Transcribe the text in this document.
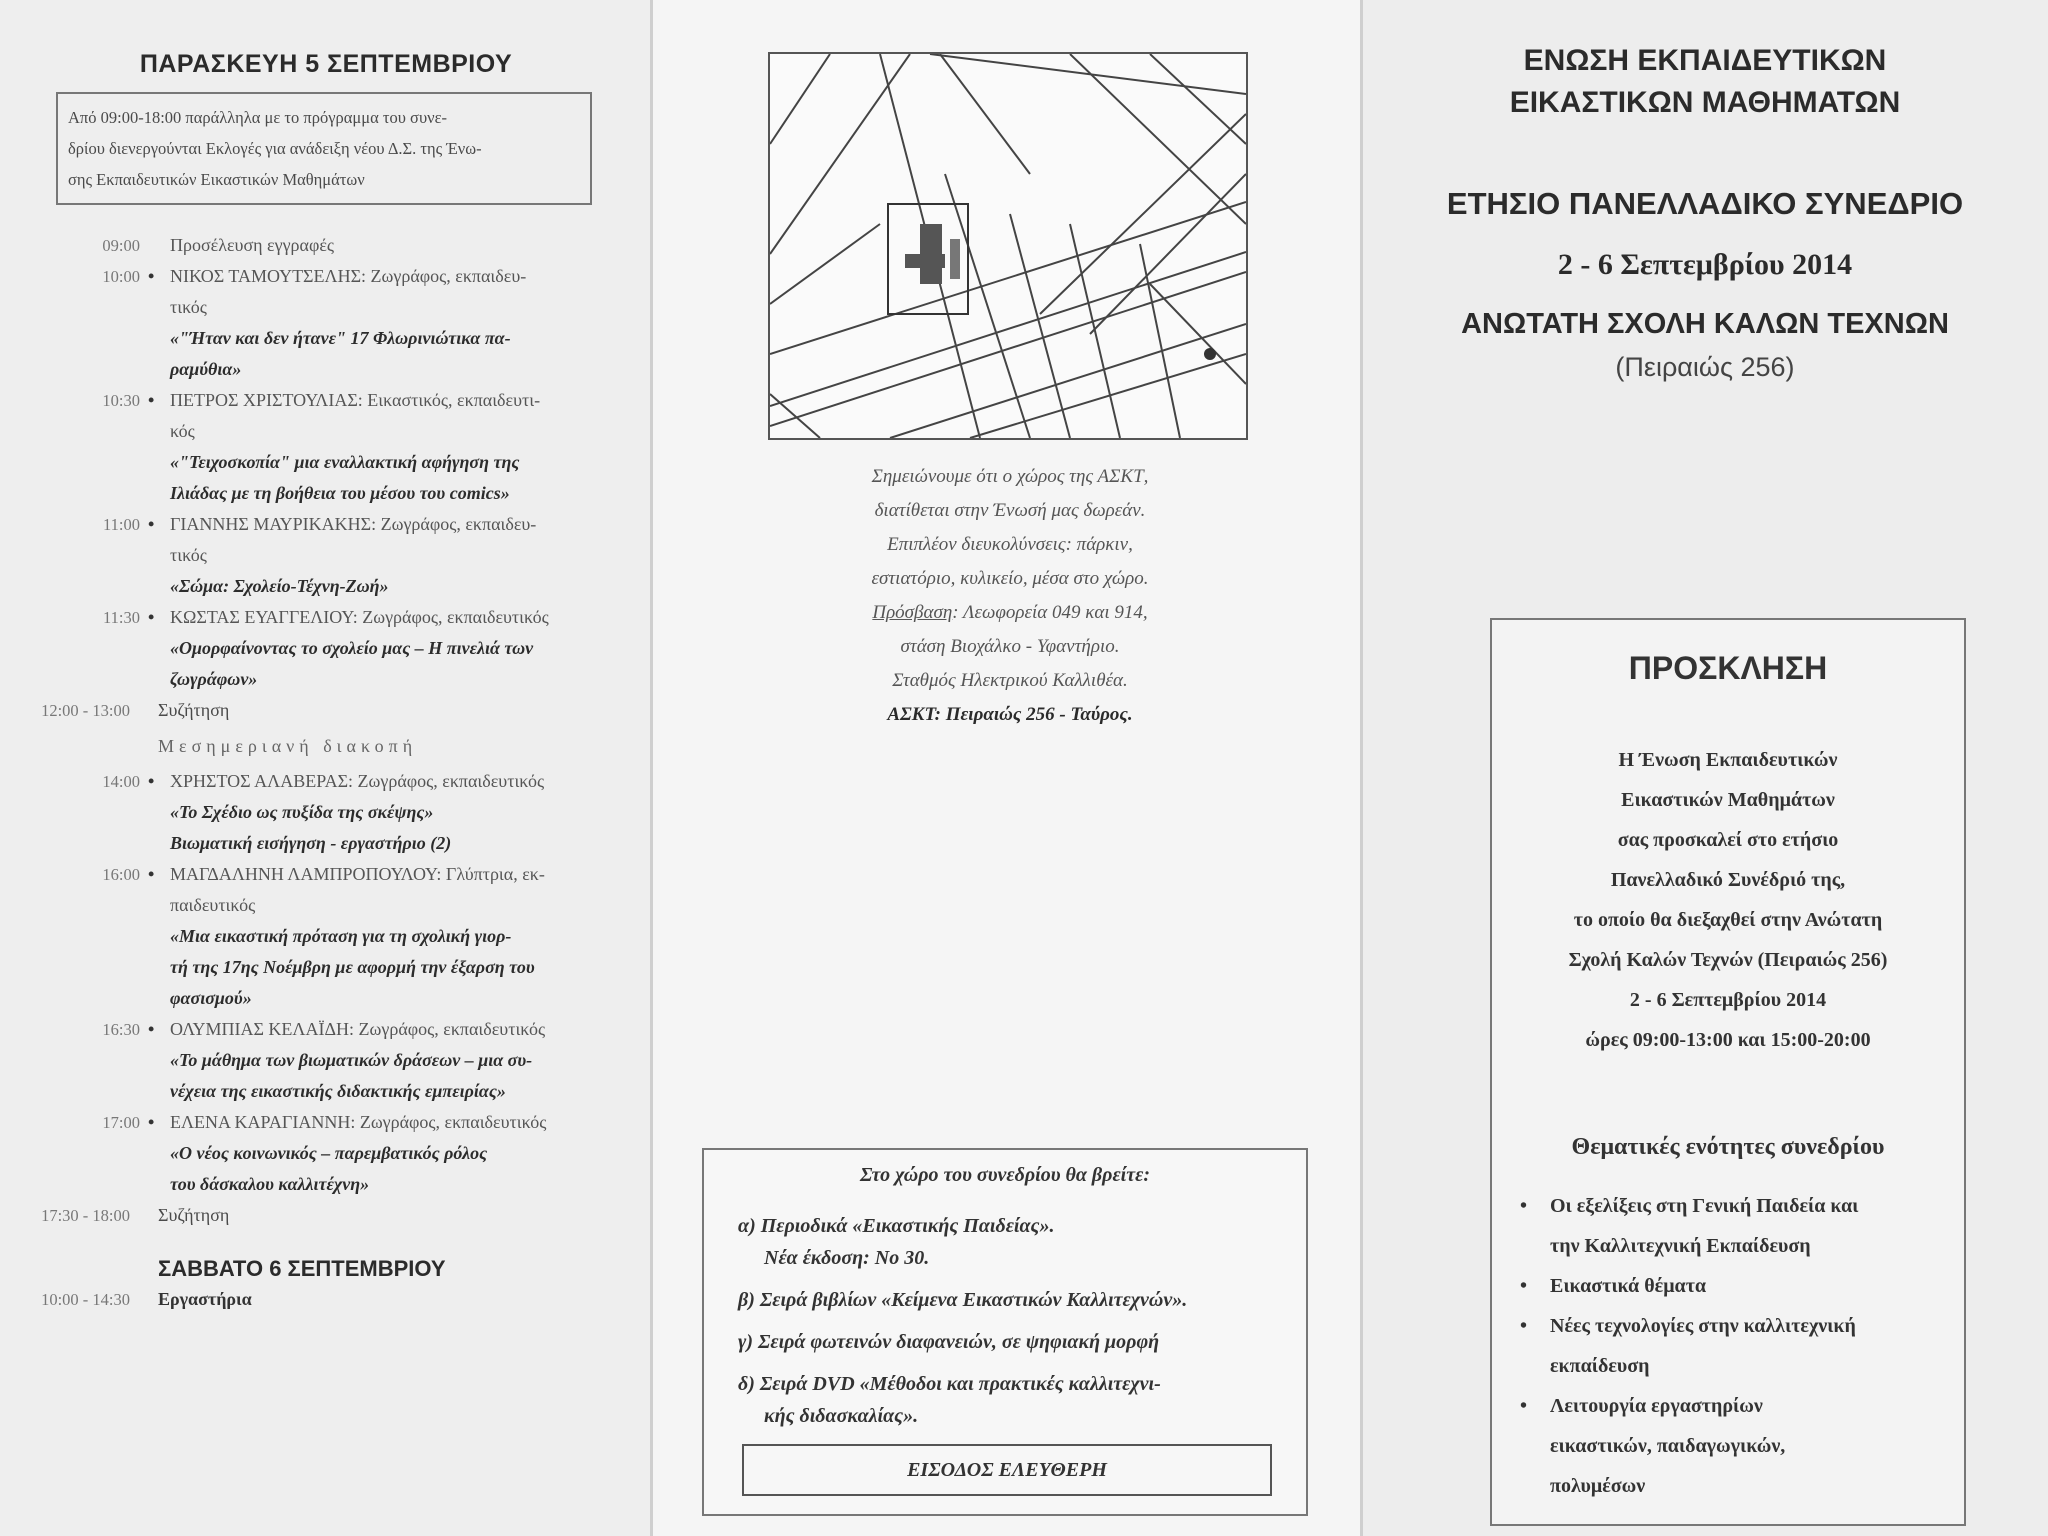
ΠΑΡΑΣΚΕΥΗ 5 ΣΕΠΤΕΜΒΡΙΟΥ
Από 09:00-18:00 παράλληλα με το πρόγραμμα του συνε-
δρίου διενεργούνται Εκλογές για ανάδειξη νέου Δ.Σ. της Ένω-
σης Εκπαιδευτικών Εικαστικών Μαθημάτων
09:00 Προσέλευση εγγραφές
10:00 • ΝΙΚΟΣ ΤΑΜΟΥΤΣΕΛΗΣ: Ζωγράφος, εκπαιδευ-
τικός
«"Ήταν και δεν ήτανε" 17 Φλωρινιώτικα πα-
ραμύθια»
10:30 • ΠΕΤΡΟΣ ΧΡΙΣΤΟΥΛΙΑΣ: Εικαστικός, εκπαιδευτι-
κός
«"Τειχοσκοπία" μια εναλλακτική αφήγηση της
Ιλιάδας με τη βοήθεια του μέσου του comics»
11:00 • ΓΙΑΝΝΗΣ ΜΑΥΡΙΚΑΚΗΣ: Ζωγράφος, εκπαιδευ-
τικός
«Σώμα: Σχολείο-Τέχνη-Ζωή»
11:30 • ΚΩΣΤΑΣ ΕΥΑΓΓΕΛΙΟΥ: Ζωγράφος, εκπαιδευτικός
«Ομορφαίνοντας το σχολείο μας – Η πινελιά των
ζωγράφων»
12:00 - 13:00 Συζήτηση
Μεσημεριανή διακοπή
14:00 • ΧΡΗΣΤΟΣ ΑΛΑΒΕΡΑΣ: Ζωγράφος, εκπαιδευτικός
«Το Σχέδιο ως πυξίδα της σκέψης»
Βιωματική εισήγηση - εργαστήριο (2)
16:00 • ΜΑΓΔΑΛΗΝΗ ΛΑΜΠΡΟΠΟΥΛΟΥ: Γλύπτρια, εκ-
παιδευτικός
«Μια εικαστική πρόταση για τη σχολική γιορ-
τή της 17ης Νοέμβρη με αφορμή την έξαρση του
φασισμού»
16:30 • ΟΛΥΜΠΙΑΣ ΚΕΛΑΪΔΗ: Ζωγράφος, εκπαιδευτικός
«Το μάθημα των βιωματικών δράσεων – μια συ-
νέχεια της εικαστικής διδακτικής εμπειρίας»
17:00 • ΕΛΕΝΑ ΚΑΡΑΓΙΑΝΝΗ: Ζωγράφος, εκπαιδευτικός
«Ο νέος κοινωνικός – παρεμβατικός ρόλος
του δάσκαλου καλλιτέχνη»
17:30 - 18:00 Συζήτηση
ΣΑΒΒΑΤΟ 6 ΣΕΠΤΕΜΒΡΙΟΥ
10:00 - 14:30 Εργαστήρια
Σημειώνουμε ότι ο χώρος της ΑΣΚΤ,
διατίθεται στην Ένωσή μας δωρεάν.
Επιπλέον διευκολύνσεις: πάρκιν,
εστιατόριο, κυλικείο, μέσα στο χώρο.
Πρόσβαση: Λεωφορεία 049 και 914,
στάση Βιοχάλκο - Υφαντήριο.
Σταθμός Ηλεκτρικού Καλλιθέα.
ΑΣΚΤ: Πειραιώς 256 - Ταύρος.
Στο χώρο του συνεδρίου θα βρείτε:
α) Περιοδικά «Εικαστικής Παιδείας».
Νέα έκδοση: Νο 30.
β) Σειρά βιβλίων «Κείμενα Εικαστικών Καλλιτεχνών».
γ) Σειρά φωτεινών διαφανειών, σε ψηφιακή μορφή
δ) Σειρά DVD «Μέθοδοι και πρακτικές καλλιτεχνι-
κής διδασκαλίας».
ΕΙΣΟΔΟΣ ΕΛΕΥΘΕΡΗ
ΕΝΩΣΗ ΕΚΠΑΙΔΕΥΤΙΚΩΝ
ΕΙΚΑΣΤΙΚΩΝ ΜΑΘΗΜΑΤΩΝ
ΕΤΗΣΙΟ ΠΑΝΕΛΛΑΔΙΚΟ ΣΥΝΕΔΡΙΟ
2 - 6 Σεπτεμβρίου 2014
ΑΝΩΤΑΤΗ ΣΧΟΛΗ ΚΑΛΩΝ ΤΕΧΝΩΝ
(Πειραιώς 256)
ΠΡΟΣΚΛΗΣΗ
Η Ένωση Εκπαιδευτικών
Εικαστικών Μαθημάτων
σας προσκαλεί στο ετήσιο
Πανελλαδικό Συνέδριό της,
το οποίο θα διεξαχθεί στην Ανώτατη
Σχολή Καλών Τεχνών (Πειραιώς 256)
2 - 6 Σεπτεμβρίου 2014
ώρες 09:00-13:00 και 15:00-20:00
Θεματικές ενότητες συνεδρίου
• Οι εξελίξεις στη Γενική Παιδεία και
την Καλλιτεχνική Εκπαίδευση
• Εικαστικά θέματα
• Νέες τεχνολογίες στην καλλιτεχνική
εκπαίδευση
• Λειτουργία εργαστηρίων
εικαστικών, παιδαγωγικών,
πολυμέσων
